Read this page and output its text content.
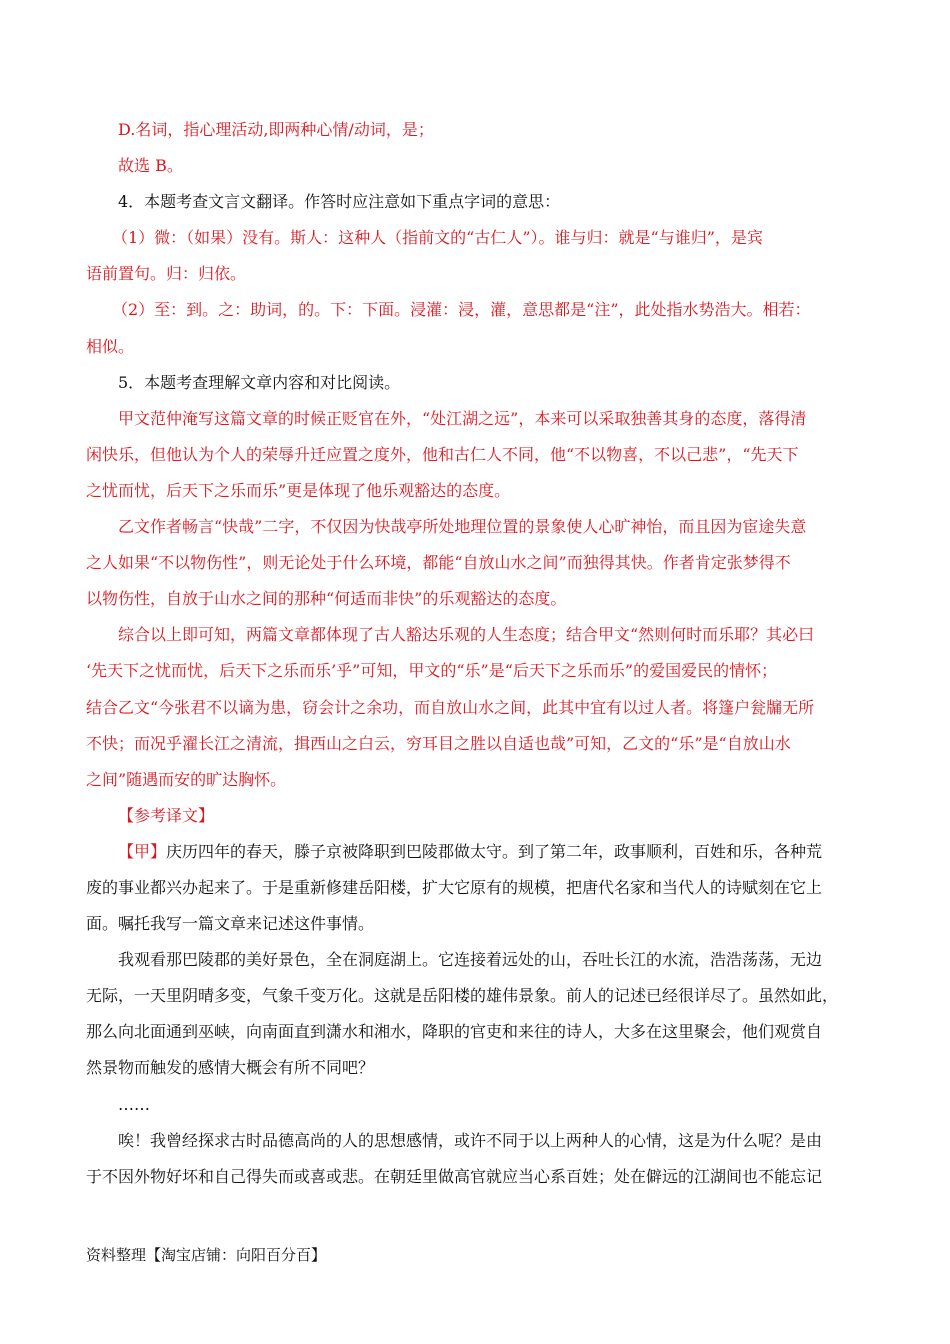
D.名词，指心理活动,即两种心情/动词，是；

故选 B。

4．本题考查文言文翻译。作答时应注意如下重点字词的意思：

（1）微：（如果）没有。斯人：这种人（指前文的“古仁人”）。谁与归：就是“与谁归”，是宾

语前置句。归：归依。

（2）至：到。之：助词，的。下：下面。浸灌：浸，灌，意思都是“注”，此处指水势浩大。相若：

相似。

5．本题考查理解文章内容和对比阅读。

甲文范仲淹写这篇文章的时候正贬官在外，“处江湖之远”，本来可以采取独善其身的态度，落得清

闲快乐，但他认为个人的荣辱升迁应置之度外，他和古仁人不同，他“不以物喜，不以己悲”，“先天下

之忧而忧，后天下之乐而乐”更是体现了他乐观豁达的态度。

乙文作者畅言“快哉”二字，不仅因为快哉亭所处地理位置的景象使人心旷神怡，而且因为宦途失意

之人如果“不以物伤性”，则无论处于什么环境，都能“自放山水之间”而独得其快。作者肯定张梦得不

以物伤性，自放于山水之间的那种“何适而非快”的乐观豁达的态度。

综合以上即可知，两篇文章都体现了古人豁达乐观的人生态度；结合甲文“然则何时而乐耶？其必曰

‘先天下之忧而忧，后天下之乐而乐’乎”可知，甲文的“乐”是“后天下之乐而乐”的爱国爱民的情怀；

结合乙文“今张君不以谪为患，窃会计之余功，而自放山水之间，此其中宜有以过人者。将篷户瓮牖无所

不快；而况乎濯长江之清流，揖西山之白云，穷耳目之胜以自适也哉”可知，乙文的“乐”是“自放山水

之间”随遇而安的旷达胸怀。

【参考译文】

【甲】庆历四年的春天，滕子京被降职到巴陵郡做太守。到了第二年，政事顺利，百姓和乐，各种荒

废的事业都兴办起来了。于是重新修建岳阳楼，扩大它原有的规模，把唐代名家和当代人的诗赋刻在它上

面。嘱托我写一篇文章来记述这件事情。

我观看那巴陵郡的美好景色，全在洞庭湖上。它连接着远处的山，吞吐长江的水流，浩浩荡荡，无边

无际，一天里阴晴多变，气象千变万化。这就是岳阳楼的雄伟景象。前人的记述已经很详尽了。虽然如此，

那么向北面通到巫峡，向南面直到潇水和湘水，降职的官吏和来往的诗人，大多在这里聚会，他们观赏自

然景物而触发的感情大概会有所不同吧？

……

唉！我曾经探求古时品德高尚的人的思想感情，或许不同于以上两种人的心情，这是为什么呢？是由

于不因外物好坏和自己得失而或喜或悲。在朝廷里做高官就应当心系百姓；处在僻远的江湖间也不能忘记

资料整理【淘宝店铺：向阳百分百】
